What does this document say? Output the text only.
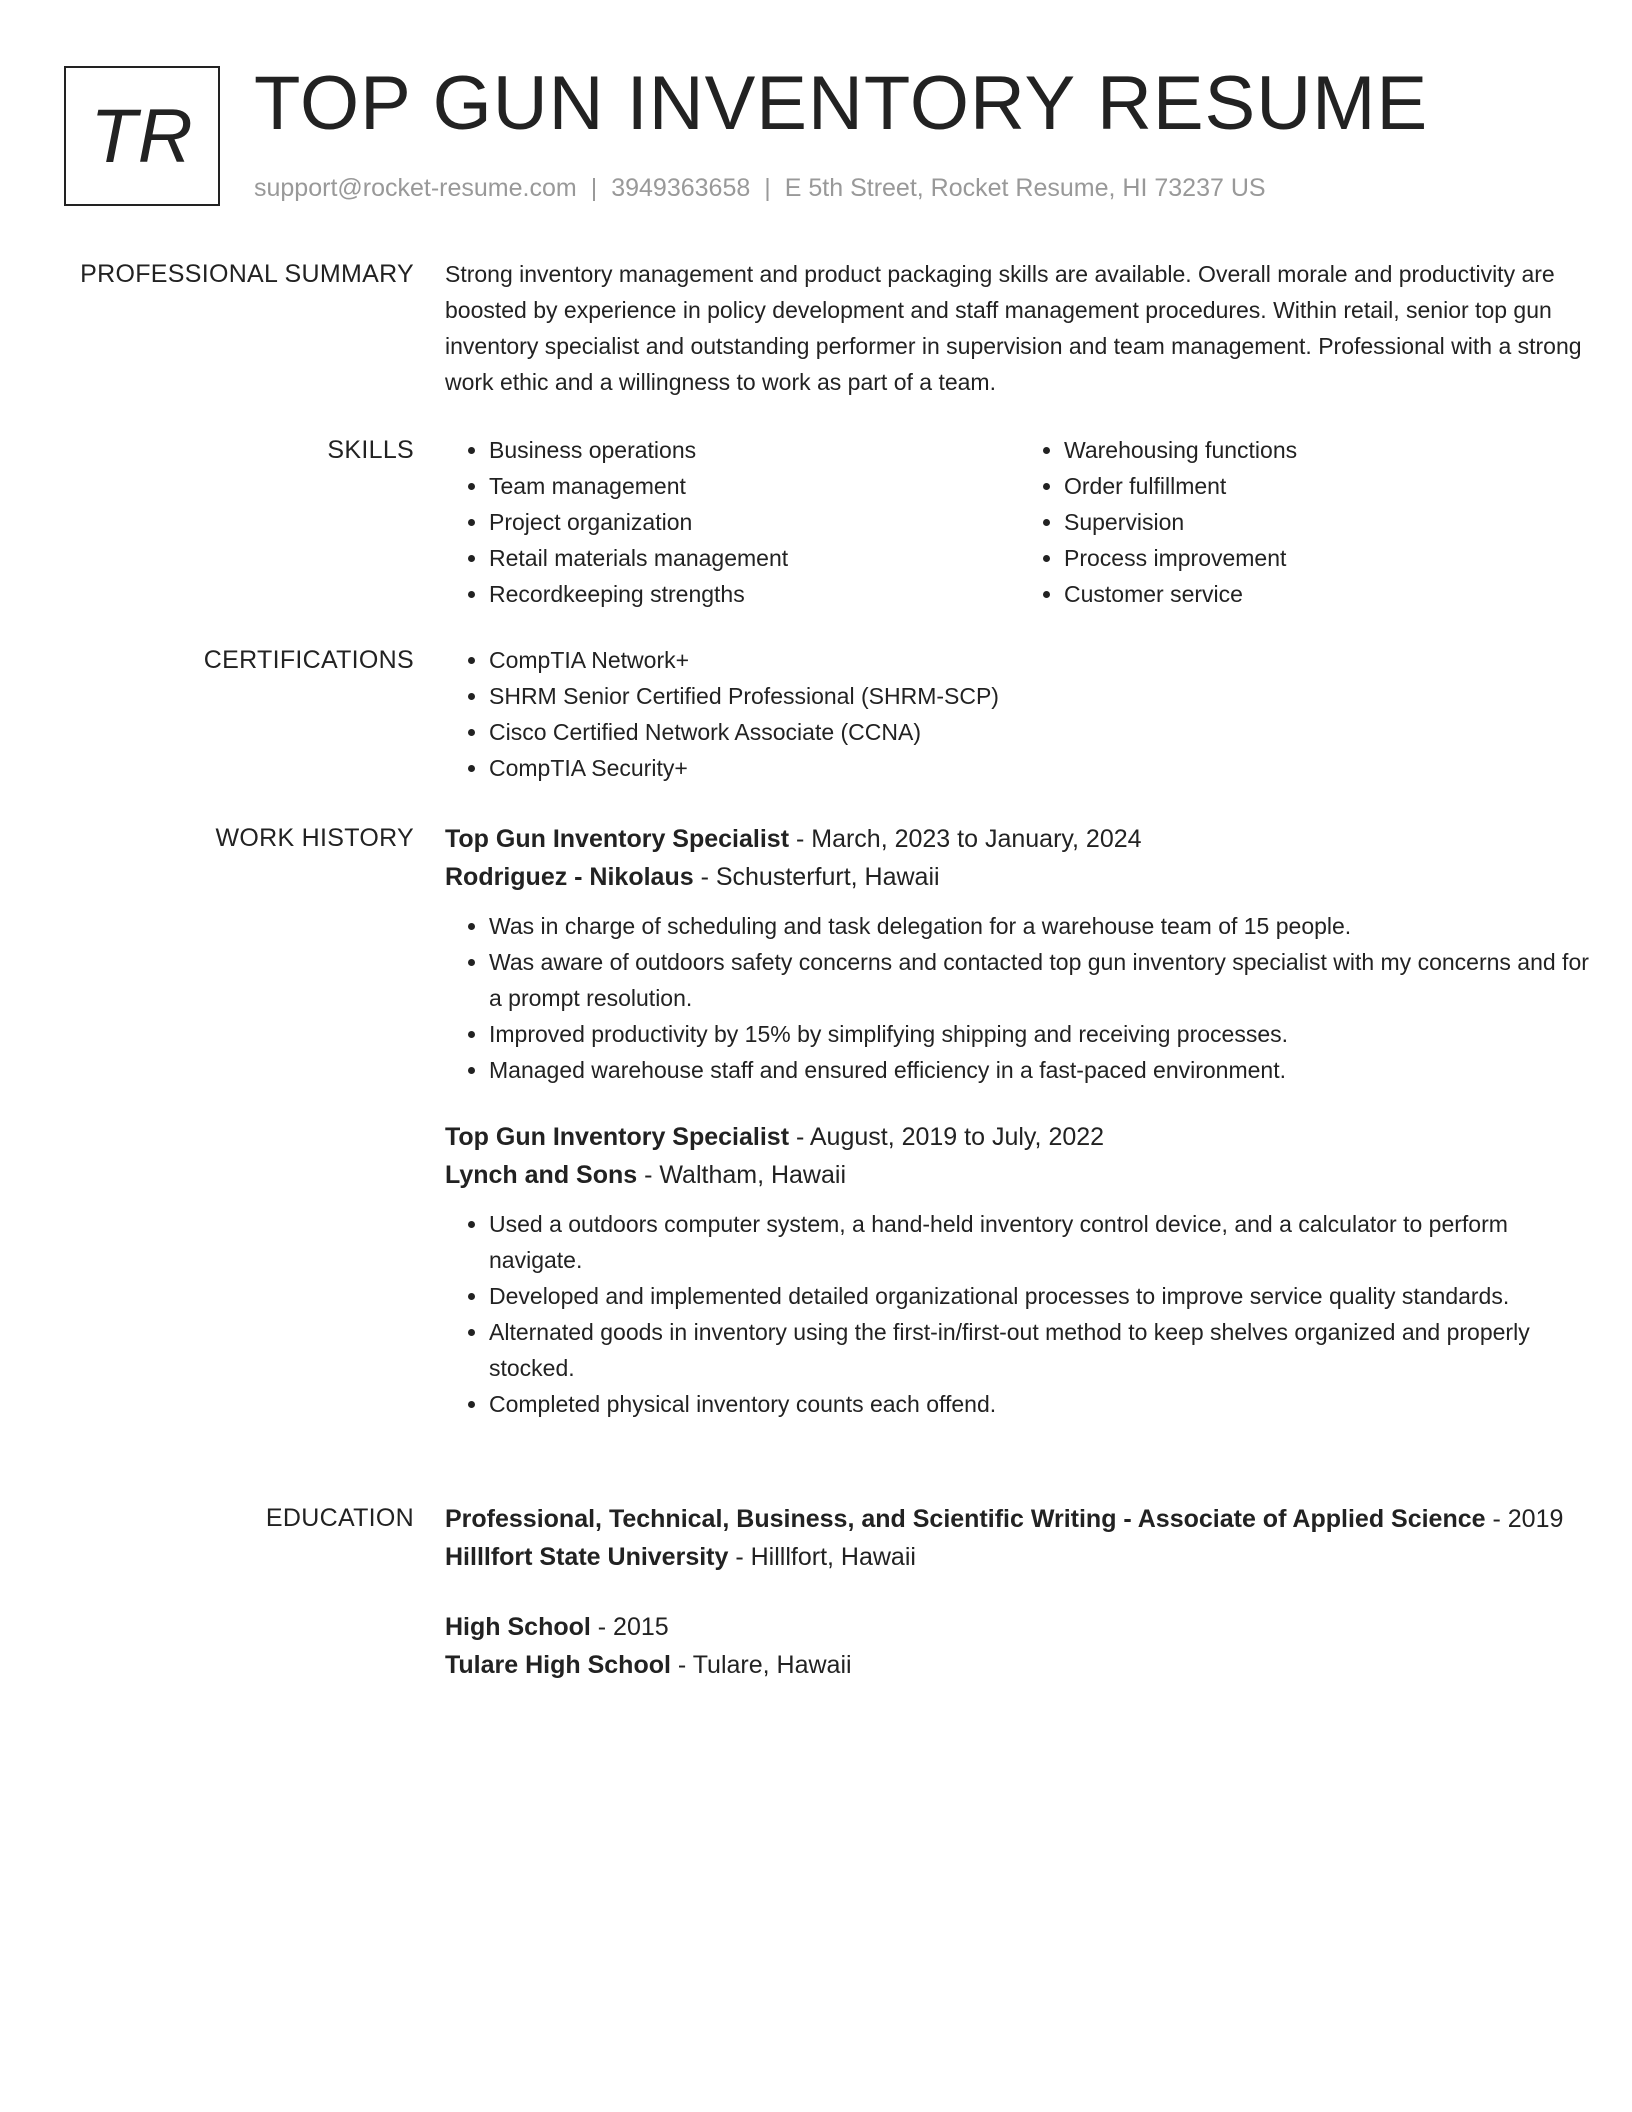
TR TOP GUN INVENTORY RESUME
support@rocket-resume.com | 3949363658 | E 5th Street, Rocket Resume, HI 73237 US
PROFESSIONAL SUMMARY Strong inventory management and product packaging skills are available. Overall morale and productivity are boosted by experience in policy development and staff management procedures. Within retail, senior top gun inventory specialist and outstanding performer in supervision and team management. Professional with a strong work ethic and a willingness to work as part of a team.

SKILLS	• Business operations
• Team management
• Project organization
• Retail materials management
• Recordkeeping strengths
• Warehousing functions
• Order fulfillment
• Supervision
• Process improvement
• Customer service
CERTIFICATIONS	• CompTIA Network+
• SHRM Senior Certified Professional (SHRM-SCP)
• Cisco Certified Network Associate (CCNA)
• CompTIA Security+
WORK HISTORY Top Gun Inventory Specialist - March, 2023 to January, 2024
Rodriguez - Nikolaus - Schusterfurt, Hawaii
• Was in charge of scheduling and task delegation for a warehouse team of 15 people.
• Was aware of outdoors safety concerns and contacted top gun inventory specialist with my concerns and for a prompt resolution.
• Improved productivity by 15% by simplifying shipping and receiving processes.
• Managed warehouse staff and ensured efficiency in a fast-paced environment.
Top Gun Inventory Specialist - August, 2019 to July, 2022
Lynch and Sons - Waltham, Hawaii
• Used a outdoors computer system, a hand-held inventory control device, and a calculator to perform navigate.
• Developed and implemented detailed organizational processes to improve service quality standards.
• Alternated goods in inventory using the first-in/first-out method to keep shelves organized and properly stocked.
• Completed physical inventory counts each offend.
EDUCATION Professional, Technical, Business, and Scientific Writing - Associate of Applied Science - 2019
Hilllfort State University - Hilllfort, Hawaii
High School - 2015
Tulare High School - Tulare, Hawaii
